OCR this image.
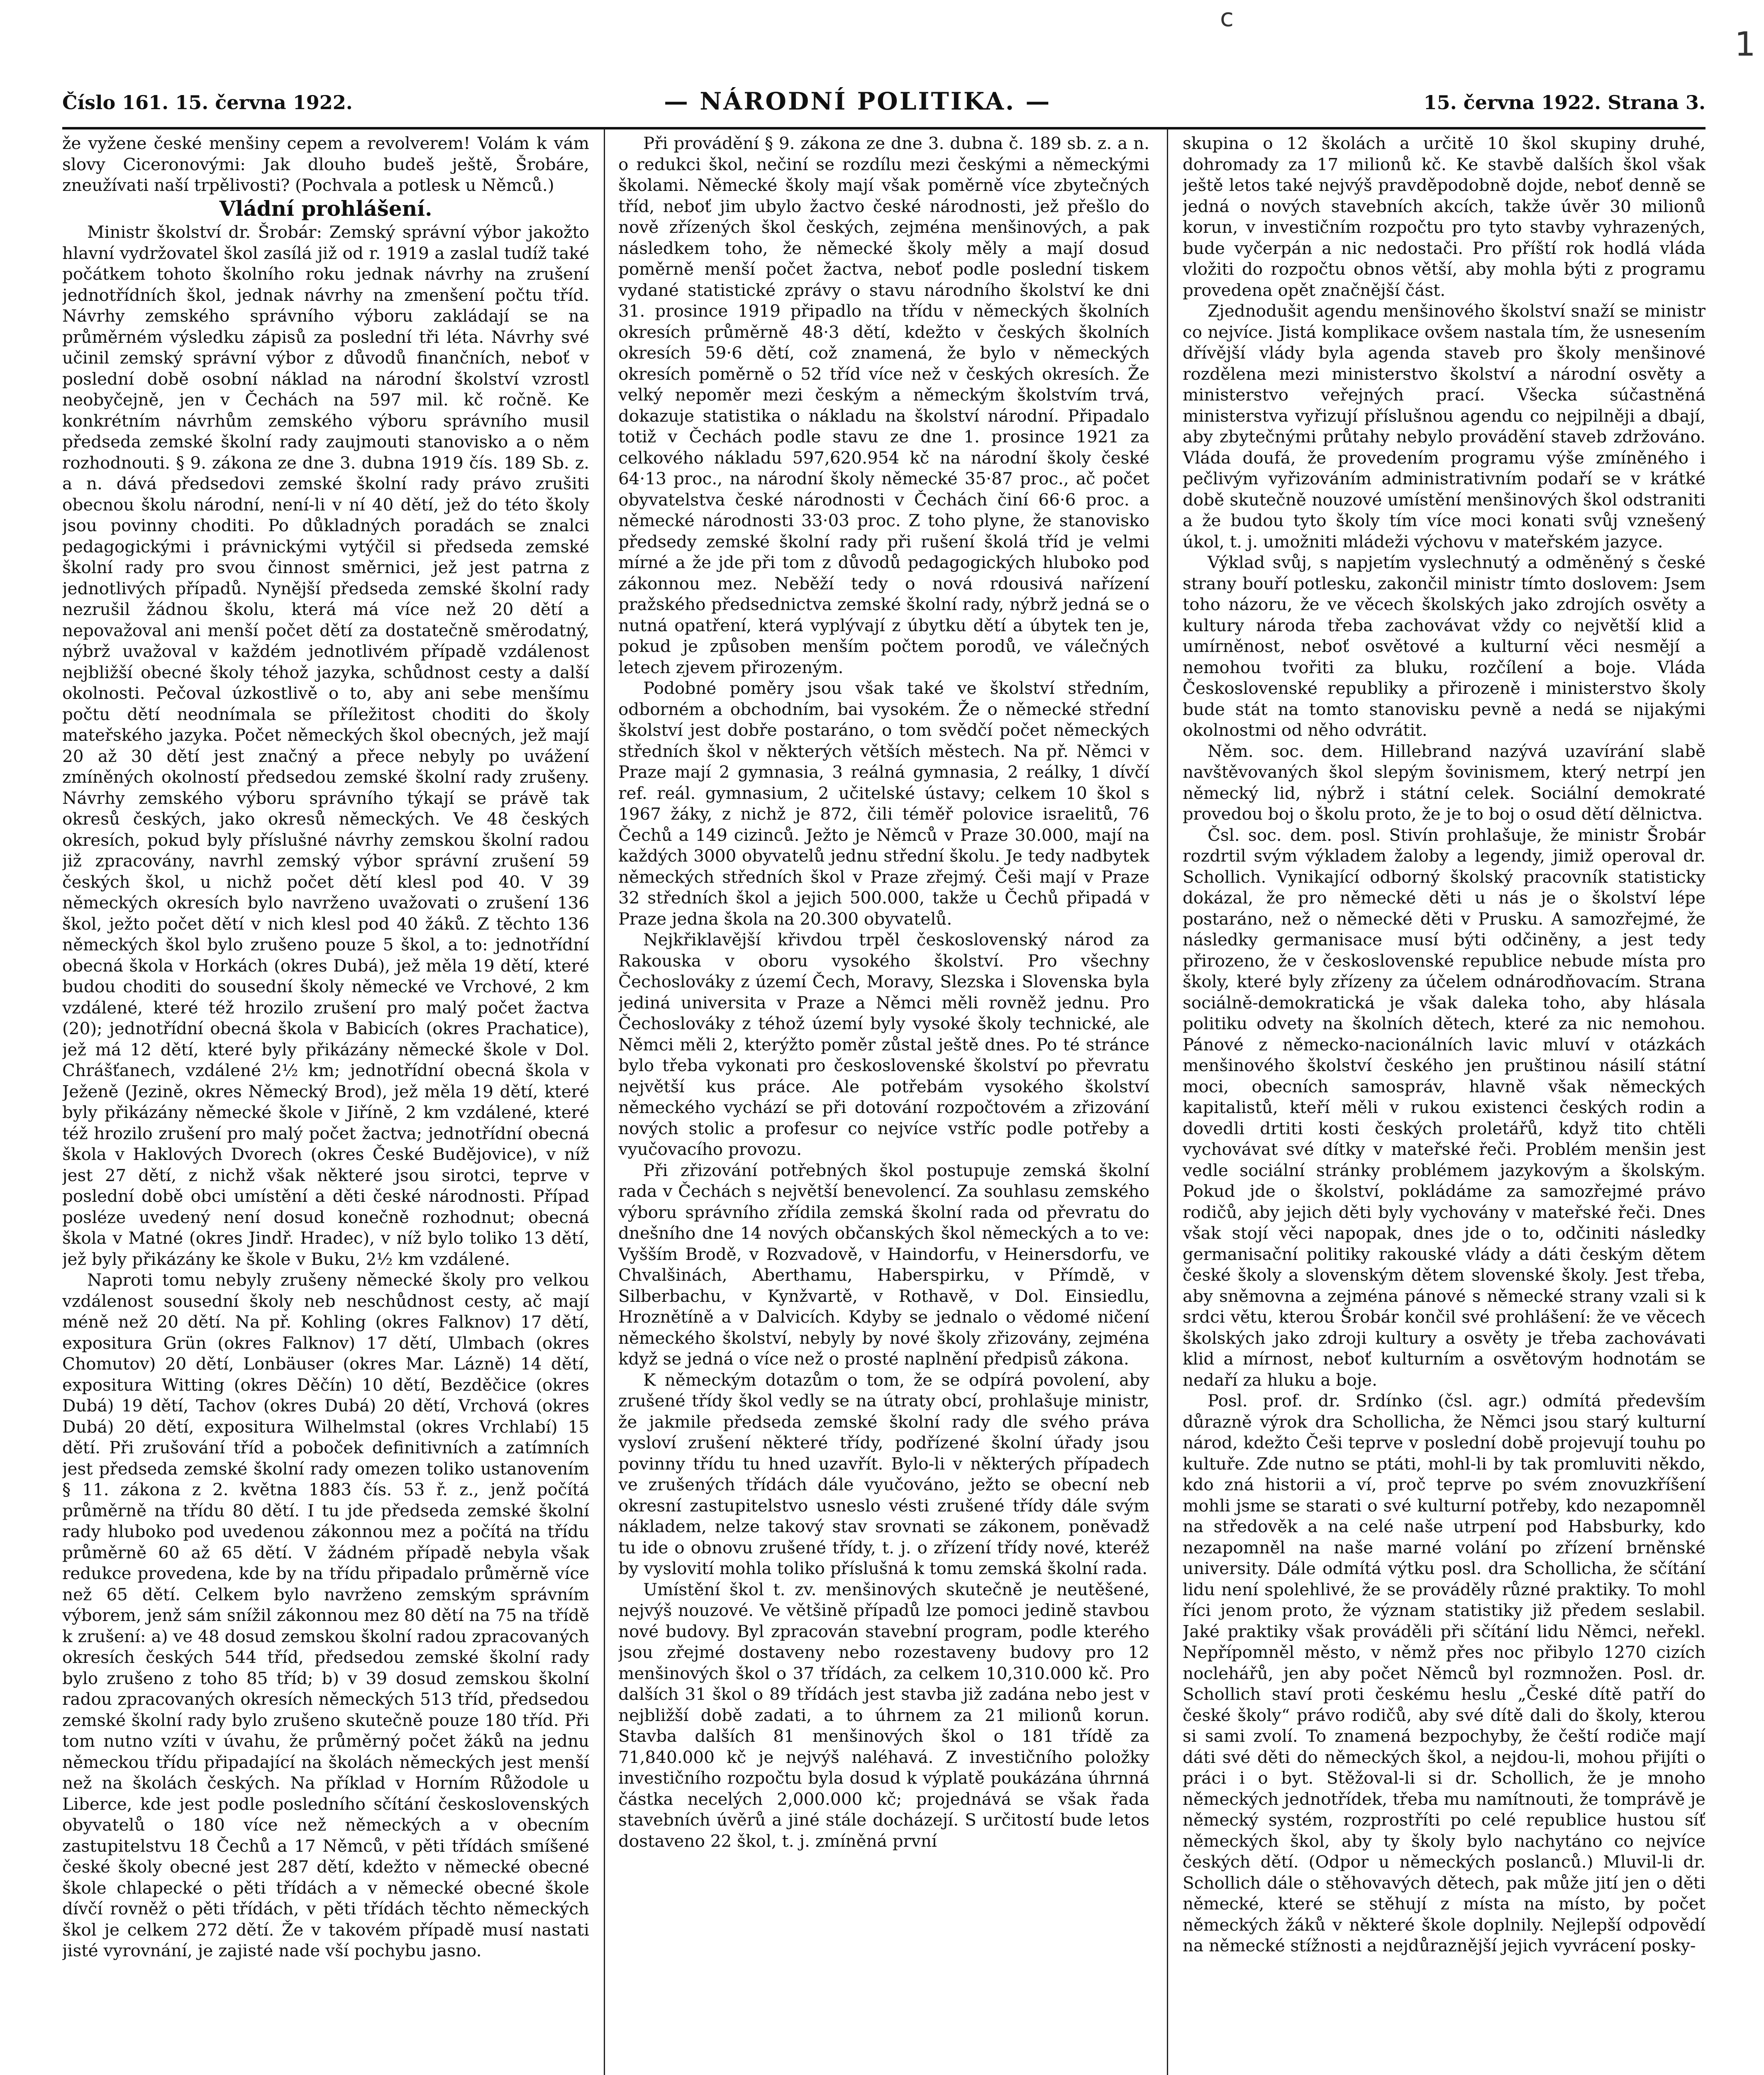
1
c
Číslo 161. 15. června 1922.	— NÁRODNÍ POLITIKA. —	15. června 1922. Strana 3.

že vyžene české menšiny cepem a revolverem! Volám k vám slovy Ciceronovými: Jak dlouho budeš ještě, Šrobáre, zneužívati naší trpělivosti? (Pochvala a potlesk u Němců.)

Vládní prohlášení.

Ministr školství dr. Šrobár: Zemský správní výbor jakožto hlavní vydržovatel škol zasílá již od r. 1919 a zaslal tudíž také počátkem tohoto školního roku jednak návrhy na zrušení jednotřídních škol, jednak návrhy na zmenšení počtu tříd. Návrhy zemského správního výboru zakládají se na průměrném výsledku zápisů za poslední tři léta. Návrhy své učinil zemský správní výbor z důvodů finančních, neboť v poslední době osobní náklad na národní školství vzrostl neobyčejně, jen v Čechách na 597 mil. kč ročně. Ke konkrétním návrhům zemského výboru správního musil předseda zemské školní rady zaujmouti stanovisko a o něm rozhodnouti. § 9. zákona ze dne 3. dubna 1919 čís. 189 Sb. z. a n. dává předsedovi zemské školní rady právo zrušiti obecnou školu národní, není-li v ní 40 dětí, jež do této školy jsou povinny choditi. Po důkladných poradách se znalci pedagogickými i právnickými vytýčil si předseda zemské školní rady pro svou činnost směrnici, jež jest patrna z jednotlivých případů. Nynější předseda zemské školní rady nezrušil žádnou školu, která má více než 20 dětí a nepovažoval ani menší počet dětí za dostatečně směrodatný, nýbrž uvažoval v každém jednotlivém případě vzdálenost nejbližší obecné školy téhož jazyka, schůdnost cesty a další okolnosti. Pečoval úzkostlivě o to, aby ani sebe menšímu počtu dětí neodnímala se příležitost choditi do školy mateřského jazyka. Počet německých škol obecných, jež mají 20 až 30 dětí jest značný a přece nebyly po uvážení zmíněných okolností předsedou zemské školní rady zrušeny. Návrhy zemského výboru správního týkají se právě tak okresů českých, jako okresů německých. Ve 48 českých okresích, pokud byly příslušné návrhy zemskou školní radou již zpracovány, navrhl zemský výbor správní zrušení 59 českých škol, u nichž počet dětí klesl pod 40. V 39 německých okresích bylo navrženo uvažovati o zrušení 136 škol, ježto počet dětí v nich klesl pod 40 žáků. Z těchto 136 německých škol bylo zrušeno pouze 5 škol, a to: jednotřídní obecná škola v Horkách (okres Dubá), jež měla 19 dětí, které budou choditi do sousední školy německé ve Vrchové, 2 km vzdálené, které též hrozilo zrušení pro malý počet žactva (20); jednotřídní obecná škola v Babicích (okres Prachatice), jež má 12 dětí, které byly přikázány německé škole v Dol. Chrášťanech, vzdálené 2½ km; jednotřídní obecná škola v Ježeně (Jezině, okres Německý Brod), jež měla 19 dětí, které byly přikázány německé škole v Jiříně, 2 km vzdálené, které též hrozilo zrušení pro malý počet žactva; jednotřídní obecná škola v Haklových Dvorech (okres České Budějovice), v níž jest 27 dětí, z nichž však některé jsou sirotci, teprve v poslední době obci umístění a děti české národnosti. Případ posléze uvedený není dosud konečně rozhodnut; obecná škola v Matné (okres Jindř. Hradec), v níž bylo toliko 13 dětí, jež byly přikázány ke škole v Buku, 2½ km vzdálené.

Naproti tomu nebyly zrušeny německé školy pro velkou vzdálenost sousední školy neb neschůdnost cesty, ač mají méně než 20 dětí. Na př. Kohling (okres Falknov) 17 dětí, expositura Grün (okres Falknov) 17 dětí, Ulmbach (okres Chomutov) 20 dětí, Lonbäuser (okres Mar. Lázně) 14 dětí, expositura Witting (okres Děčín) 10 dětí, Bezděčice (okres Dubá) 19 dětí, Tachov (okres Dubá) 20 dětí, Vrchová (okres Dubá) 20 dětí, expositura Wilhelmstal (okres Vrchlabí) 15 dětí. Při zrušování tříd a poboček definitivních a zatímních jest předseda zemské školní rady omezen toliko ustanovením § 11. zákona z 2. května 1883 čís. 53 ř. z., jenž počítá průměrně na třídu 80 dětí. I tu jde předseda zemské školní rady hluboko pod uvedenou zákonnou mez a počítá na třídu průměrně 60 až 65 dětí. V žádném případě nebyla však redukce provedena, kde by na třídu připadalo průměrně více než 65 dětí. Celkem bylo navrženo zemským správním výborem, jenž sám snížil zákonnou mez 80 dětí na 75 na třídě k zrušení: a) ve 48 dosud zemskou školní radou zpracovaných okresích českých 544 tříd, předsedou zemské školní rady bylo zrušeno z toho 85 tříd; b) v 39 dosud zemskou školní radou zpracovaných okresích německých 513 tříd, předsedou zemské školní rady bylo zrušeno skutečně pouze 180 tříd. Při tom nutno vzíti v úvahu, že průměrný počet žáků na jednu německou třídu připadající na školách německých jest menší než na školách českých. Na příklad v Horním Růžodole u Liberce, kde jest podle posledního sčítání československých obyvatelů o 180 více než německých a v obecním zastupitelstvu 18 Čechů a 17 Němců, v pěti třídách smíšené české školy obecné jest 287 dětí, kdežto v německé obecné škole chlapecké o pěti třídách a v německé obecné škole dívčí rovněž o pěti třídách, v pěti třídách těchto německých škol je celkem 272 dětí. Že v takovém případě musí nastati jisté vyrovnání, je zajisté nade vší pochybu jasno.

Při provádění § 9. zákona ze dne 3. dubna č. 189 sb. z. a n. o redukci škol, nečiní se rozdílu mezi českými a německými školami. Německé školy mají však poměrně více zbytečných tříd, neboť jim ubylo žactvo české národnosti, jež přešlo do nově zřízených škol českých, zejména menšinových, a pak následkem toho, že německé školy měly a mají dosud poměrně menší počet žactva, neboť podle poslední tiskem vydané statistické zprávy o stavu národního školství ke dni 31. prosince 1919 připadlo na třídu v německých školních okresích průměrně 48·3 dětí, kdežto v českých školních okresích 59·6 dětí, což znamená, že bylo v německých okresích poměrně o 52 tříd více než v českých okresích. Že velký nepoměr mezi českým a německým školstvím trvá, dokazuje statistika o nákladu na školství národní. Připadalo totiž v Čechách podle stavu ze dne 1. prosince 1921 za celkového nákladu 597,620.954 kč na národní školy české 64·13 proc., na národní školy německé 35·87 proc., ač počet obyvatelstva české národnosti v Čechách činí 66·6 proc. a německé národnosti 33·03 proc. Z toho plyne, že stanovisko předsedy zemské školní rady při rušení školá tříd je velmi mírné a že jde při tom z důvodů pedagogických hluboko pod zákonnou mez. Neběží tedy o nová rdousivá nařízení pražského předsednictva zemské školní rady, nýbrž jedná se o nutná opatření, která vyplývají z úbytku dětí a úbytek ten je, pokud je způsoben menším počtem porodů, ve válečných letech zjevem přirozeným.

Podobné poměry jsou však také ve školství středním, odborném a obchodním, bai vysokém. Že o německé střední školství jest dobře postaráno, o tom svědčí počet německých středních škol v některých větších městech. Na př. Němci v Praze mají 2 gymnasia, 3 reálná gymnasia, 2 reálky, 1 dívčí ref. reál. gymnasium, 2 učitelské ústavy; celkem 10 škol s 1967 žáky, z nichž je 872, čili téměř polovice israelitů, 76 Čechů a 149 cizinců. Ježto je Němců v Praze 30.000, mají na každých 3000 obyvatelů jednu střední školu. Je tedy nadbytek německých středních škol v Praze zřejmý. Češi mají v Praze 32 středních škol a jejich 500.000, takže u Čechů připadá v Praze jedna škola na 20.300 obyvatelů.

Nejkřiklavější křivdou trpěl československý národ za Rakouska v oboru vysokého školství. Pro všechny Čechoslováky z území Čech, Moravy, Slezska i Slovenska byla jediná universita v Praze a Němci měli rovněž jednu. Pro Čechoslováky z téhož území byly vysoké školy technické, ale Němci měli 2, kterýžto poměr zůstal ještě dnes. Po té stránce bylo třeba vykonati pro československé školství po převratu největší kus práce. Ale potřebám vysokého školství německého vychází se při dotování rozpočtovém a zřizování nových stolic a profesur co nejvíce vstříc podle potřeby a vyučovacího provozu.

Při zřizování potřebných škol postupuje zemská školní rada v Čechách s největší benevolencí. Za souhlasu zemského výboru správního zřídila zemská školní rada od převratu do dnešního dne 14 nových občanských škol německých a to ve: Vyšším Brodě, v Rozvadově, v Haindorfu, v Heinersdorfu, ve Chvalšinách, Aberthamu, Haberspirku, v Přímdě, v Silberbachu, v Kynžvartě, v Rothavě, v Dol. Einsiedlu, Hroznětíně a v Dalvicích. Kdyby se jednalo o vědomé ničení německého školství, nebyly by nové školy zřizovány, zejména když se jedná o více než o prosté naplnění předpisů zákona.

K německým dotazům o tom, že se odpírá povolení, aby zrušené třídy škol vedly se na útraty obcí, prohlašuje ministr, že jakmile předseda zemské školní rady dle svého práva vysloví zrušení některé třídy, podřízené školní úřady jsou povinny třídu tu hned uzavřít. Bylo-li v některých případech ve zrušených třídách dále vyučováno, ježto se obecní neb okresní zastupitelstvo usneslo vésti zrušené třídy dále svým nákladem, nelze takový stav srovnati se zákonem, poněvadž tu ide o obnovu zrušené třídy, t. j. o zřízení třídy nové, kteréž by vyslovití mohla toliko příslušná k tomu zemská školní rada.

Umístění škol t. zv. menšinových skutečně je neutěšené, nejvýš nouzové. Ve většině případů lze pomoci jedině stavbou nové budovy. Byl zpracován stavební program, podle kterého jsou zřejmé dostaveny nebo rozestaveny budovy pro 12 menšinových škol o 37 třídách, za celkem 10,310.000 kč. Pro dalších 31 škol o 89 třídách jest stavba již zadána nebo jest v nejbližší době zadati, a to úhrnem za 21 milionů korun. Stavba dalších 81 menšinových škol o 181 třídě za 71,840.000 kč je nejvýš naléhavá. Z investičního položky investičního rozpočtu byla dosud k výplatě poukázána úhrnná částka necelých 2,000.000 kč; projednává se však řada stavebních úvěrů a jiné stále docházejí. S určitostí bude letos dostaveno 22 škol, t. j. zmíněná první

skupina o 12 školách a určitě 10 škol skupiny druhé, dohromady za 17 milionů kč. Ke stavbě dalších škol však ještě letos také nejvýš pravděpodobně dojde, neboť denně se jedná o nových stavebních akcích, takže úvěr 30 milionů korun, v investičním rozpočtu pro tyto stavby vyhrazených, bude vyčerpán a nic nedostači. Pro příští rok hodlá vláda vložiti do rozpočtu obnos větší, aby mohla býti z programu provedena opět značnější část.

Zjednodušit agendu menšinového školství snaží se ministr co nejvíce. Jistá komplikace ovšem nastala tím, že usnesením dřívější vlády byla agenda staveb pro školy menšinové rozdělena mezi ministerstvo školství a národní osvěty a ministerstvo veřejných prací. Všecka súčastněná ministerstva vyřizují příslušnou agendu co nejpilněji a dbají, aby zbytečnými průtahy nebylo provádění staveb zdržováno. Vláda doufá, že provedením programu výše zmíněného i pečlivým vyřizováním administrativním podaří se v krátké době skutečně nouzové umístění menšinových škol odstraniti a že budou tyto školy tím více moci konati svůj vznešený úkol, t. j. umožniti mládeži výchovu v mateřském jazyce.

Výklad svůj, s napjetím vyslechnutý a odměněný s české strany bouří potlesku, zakončil ministr tímto doslovem: Jsem toho názoru, že ve věcech školských jako zdrojích osvěty a kultury národa třeba zachovávat vždy co největší klid a umírněnost, neboť osvětové a kulturní věci nesmějí a nemohou tvořiti za bluku, rozčílení a boje. Vláda Československé republiky a přirozeně i ministerstvo školy bude stát na tomto stanovisku pevně a nedá se nijakými okolnostmi od něho odvrátit.

Něm. soc. dem. Hillebrand nazývá uzavírání slabě navštěvovaných škol slepým šovinismem, který netrpí jen německý lid, nýbrž i státní celek. Sociální demokraté provedou boj o školu proto, že je to boj o osud dětí dělnictva.

Čsl. soc. dem. posl. Stivín prohlašuje, že ministr Šrobár rozdrtil svým výkladem žaloby a legendy, jimiž operoval dr. Schollich. Vynikající odborný školský pracovník statisticky dokázal, že pro německé děti u nás je o školství lépe postaráno, než o německé děti v Prusku. A samozřejmé, že následky germanisace musí býti odčiněny, a jest tedy přirozeno, že v československé republice nebude místa pro školy, které byly zřízeny za účelem odnárodňovacím. Strana sociálně-demokratická je však daleka toho, aby hlásala politiku odvety na školních dětech, které za nic nemohou. Pánové z německo-nacionálních lavic mluví v otázkách menšinového školství českého jen pruštinou násilí státní moci, obecních samospráv, hlavně však německých kapitalistů, kteří měli v rukou existenci českých rodin a dovedli drtiti kosti českých proletářů, když tito chtěli vychovávat své dítky v mateřské řeči. Problém menšin jest vedle sociální stránky problémem jazykovým a školským. Pokud jde o školství, pokládáme za samozřejmé právo rodičů, aby jejich děti byly vychovány v mateřské řeči. Dnes však stojí věci napopak, dnes jde o to, odčiniti následky germanisační politiky rakouské vlády a dáti českým dětem české školy a slovenským dětem slovenské školy. Jest třeba, aby sněmovna a zejména pánové s německé strany vzali si k srdci větu, kterou Šrobár končil své prohlášení: že ve věcech školských jako zdroji kultury a osvěty je třeba zachovávati klid a mírnost, neboť kulturním a osvětovým hodnotám se nedaří za hluku a boje.

Posl. prof. dr. Srdínko (čsl. agr.) odmítá především důrazně výrok dra Schollicha, že Němci jsou starý kulturní národ, kdežto Češi teprve v poslední době projevují touhu po kultuře. Zde nutno se ptáti, mohl-li by tak promluviti někdo, kdo zná historii a ví, proč teprve po svém znovuzkříšení mohli jsme se starati o své kulturní potřeby, kdo nezapomněl na středověk a na celé naše utrpení pod Habsburky, kdo nezapomněl na naše marné volání po zřízení brněnské university. Dále odmítá výtku posl. dra Schollicha, že sčítání lidu není spolehlivé, že se prováděly různé praktiky. To mohl říci jenom proto, že význam statistiky již předem seslabil. Jaké praktiky však prováděli při sčítání lidu Němci, neřekl. Nepřípomněl město, v němž přes noc přibylo 1270 cizích noclehářů, jen aby počet Němců byl rozmnožen. Posl. dr. Schollich staví proti českému heslu „České dítě patří do české školy“ právo rodičů, aby své dítě dali do školy, kterou si sami zvolí. To znamená bezpochyby, že čeští rodiče mají dáti své děti do německých škol, a nejdou-li, mohou přijíti o práci i o byt. Stěžoval-li si dr. Schollich, že je mnoho německých jednotřídek, třeba mu namítnouti, že tomprávě je německý systém, rozprostříti po celé republice hustou síť německých škol, aby ty školy bylo nachytáno co nejvíce českých dětí. (Odpor u německých poslanců.) Mluvil-li dr. Schollich dále o stěhovavých dětech, pak může jití jen o děti německé, které se stěhují z místa na místo, by počet německých žáků v některé škole doplnily. Nejlepší odpovědí na německé stížnosti a nejdůraznější jejich vyvrácení posky-
